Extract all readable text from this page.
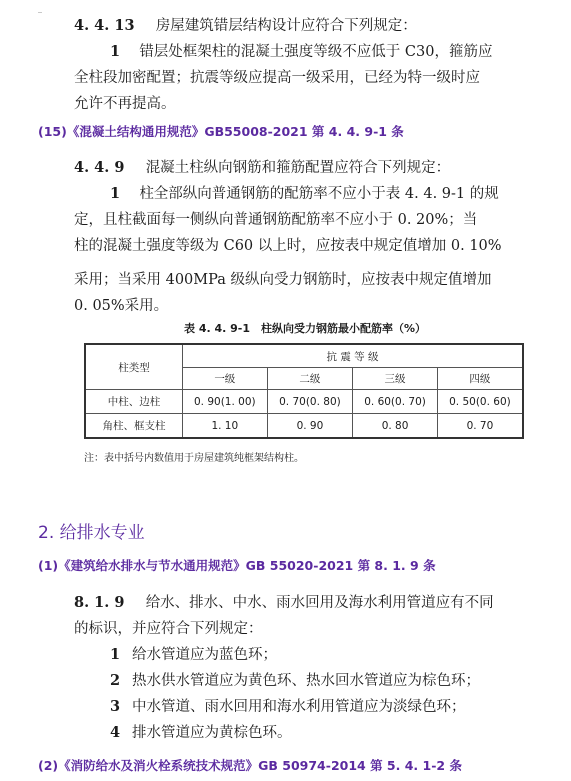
4. 4. 13 房屋建筑错层结构设计应符合下列规定：
1 错层处框架柱的混凝土强度等级不应低于 C30，箍筋应
全柱段加密配置；抗震等级应提高一级采用，已经为特一级时应
允许不再提高。
(15)《混凝土结构通用规范》GB55008-2021 第 4. 4. 9-1 条
4. 4. 9 混凝土柱纵向钢筋和箍筋配置应符合下列规定：
1 柱全部纵向普通钢筋的配筋率不应小于表 4. 4. 9-1 的规
定，且柱截面每一侧纵向普通钢筋配筋率不应小于 0. 20%；当
柱的混凝土强度等级为 C60 以上时，应按表中规定值增加 0. 10%
采用；当采用 400MPa 级纵向受力钢筋时，应按表中规定值增加
0. 05%采用。
表 4. 4. 9-1　柱纵向受力钢筋最小配筋率（%）
柱类型	抗 震 等 级			
	一级	二级	三级	四级
中柱、边柱	0. 90(1. 00)	0. 70(0. 80)	0. 60(0. 70)	0. 50(0. 60)
角柱、框支柱	1. 10	0. 90	0. 80	0. 70
注：表中括号内数值用于房屋建筑纯框架结构柱。
2. 给排水专业
(1)《建筑给水排水与节水通用规范》GB 55020-2021 第 8. 1. 9 条
8. 1. 9 给水、排水、中水、雨水回用及海水利用管道应有不同
的标识，并应符合下列规定：
1 给水管道应为蓝色环；
2 热水供水管道应为黄色环、热水回水管道应为棕色环；
3 中水管道、雨水回用和海水利用管道应为淡绿色环；
4 排水管道应为黄棕色环。
(2)《消防给水及消火栓系统技术规范》GB 50974-2014 第 5. 4. 1-2 条
